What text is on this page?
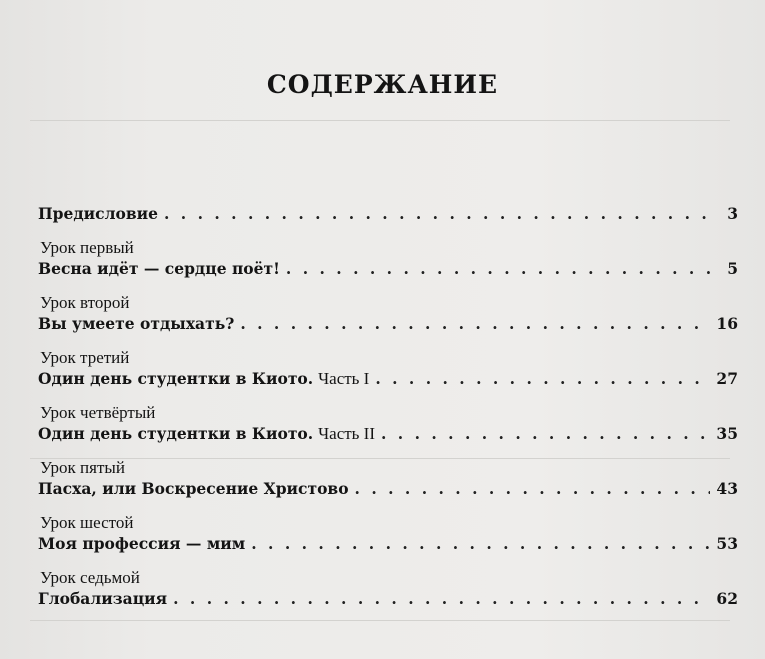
СОДЕРЖАНИЕ
Предисловие . . .	3
Урок первый
Весна идёт — сердце поёт! . . .	5
Урок второй
Вы умеете отдыхать? . . .	16
Урок третий
Один день студентки в Киото.
Часть I . . .	27
Урок четвёртый
Один день студентки в Киото.
Часть II . . .	35
Урок пятый
Пасха, или Воскресение Христово . . .	43
Урок шестой
Моя профессия — мим . . .	53
Урок седьмой
Глобализация . . .	62
